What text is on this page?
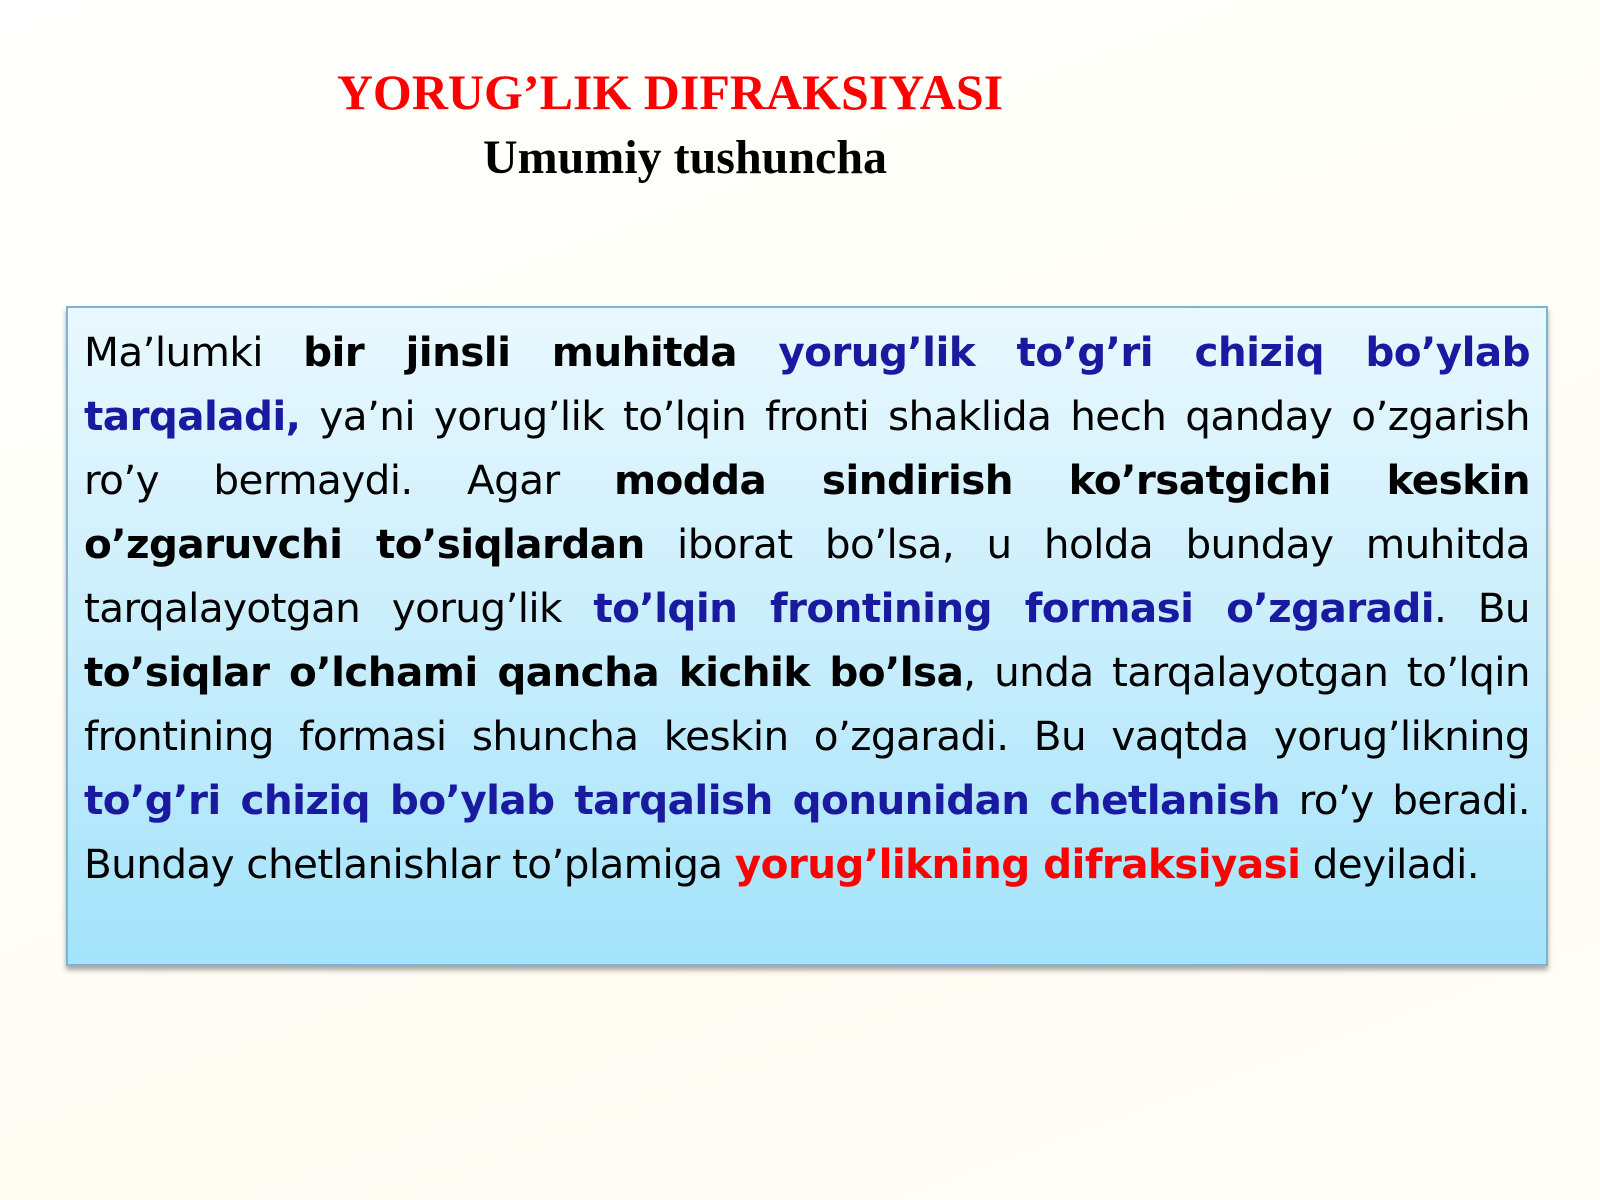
YORUG’LIK DIFRAKSIYASI
Umumiy tushuncha

Ma’lumki bir jinsli muhitda yorug’lik to’g’ri chiziq bo’ylab tarqaladi, ya’ni yorug’lik to’lqin fronti shaklida hech qanday o’zgarish ro’y bermaydi. Agar modda sindirish ko’rsatgichi keskin o’zgaruvchi to’siqlardan iborat bo’lsa, u holda bunday muhitda tarqalayotgan yorug’lik to’lqin frontining formasi o’zgaradi. Bu to’siqlar o’lchami qancha kichik bo’lsa, unda tarqalayotgan to’lqin frontining formasi shuncha keskin o’zgaradi. Bu vaqtda yorug’likning to’g’ri chiziq bo’ylab tarqalish qonunidan chetlanish ro’y beradi. Bunday chetlanishlar to’plamiga yorug’likning difraksiyasi deyiladi.
